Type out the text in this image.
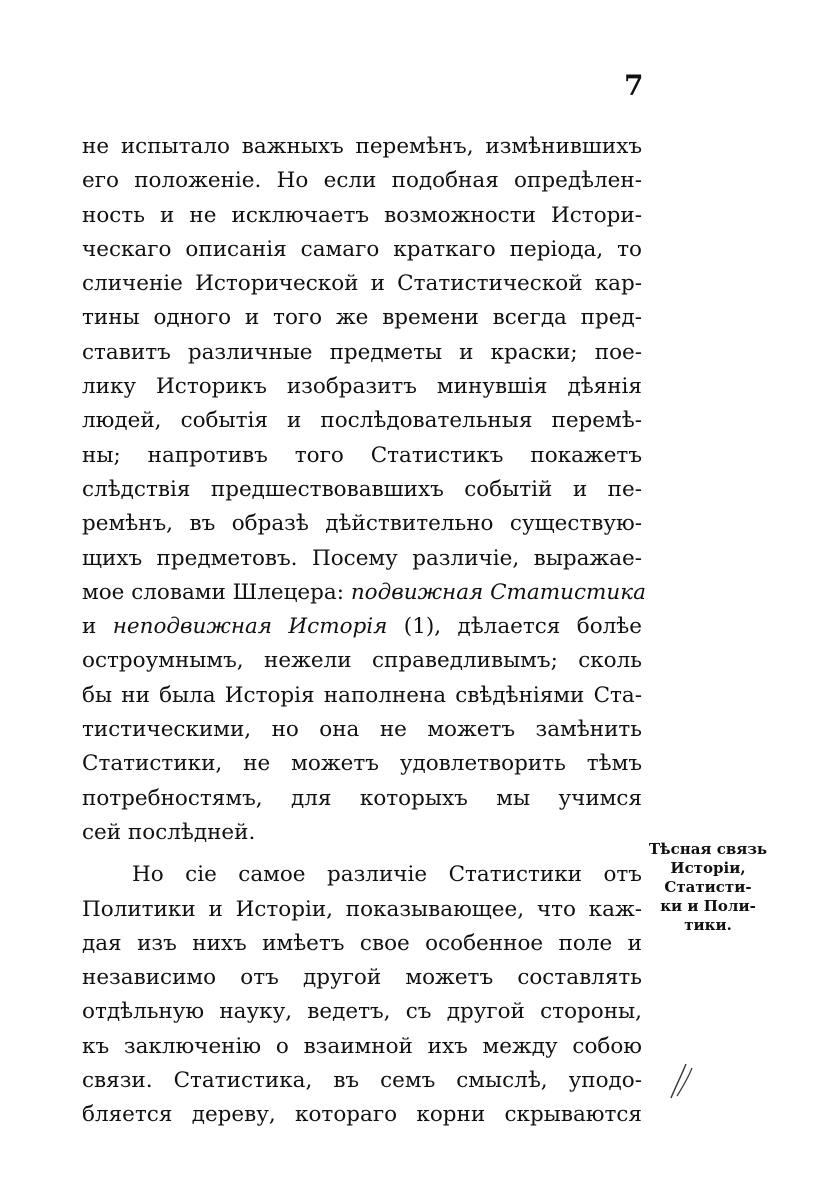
7
не испытало важныхъ перемѣнъ, измѣнившихъ
его положеніе. Но если подобная опредѣлен-
ность и не исключаетъ возможности Истори-
ческаго описанія самаго краткаго періода, то
сличеніе Исторической и Статистической кар-
тины одного и того же времени всегда пред-
ставитъ различные предметы и краски; пое-
лику Историкъ изобразитъ минувшія дѣянія
людей, событія и послѣдовательныя перемѣ-
ны; напротивъ того Статистикъ покажетъ
слѣдствія предшествовавшихъ событій и пе-
ремѣнъ, въ образѣ дѣйствительно существую-
щихъ предметовъ. Посему различіе, выражае-
мое словами Шлецера: подвижная Статистика
и неподвижная Исторія (1), дѣлается болѣе
остроумнымъ, нежели справедливымъ; сколь
бы ни была Исторія наполнена свѣдѣніями Ста-
тистическими, но она не можетъ замѣнить
Статистики, не можетъ удовлетворить тѣмъ
потребностямъ, для которыхъ мы учимся
сей послѣдней.
Но сіе самое различіе Статистики отъ
Политики и Исторіи, показывающее, что каж-
дая изъ нихъ имѣетъ свое особенное поле и
независимо отъ другой можетъ составлять
отдѣльную науку, ведетъ, съ другой стороны,
къ заключенію о взаимной ихъ между собою
связи. Статистика, въ семъ смыслѣ, уподо-
бляется дереву, котораго корни скрываются
Тѣсная связь
Исторіи,
Статисти-
ки и Поли-
тики.
